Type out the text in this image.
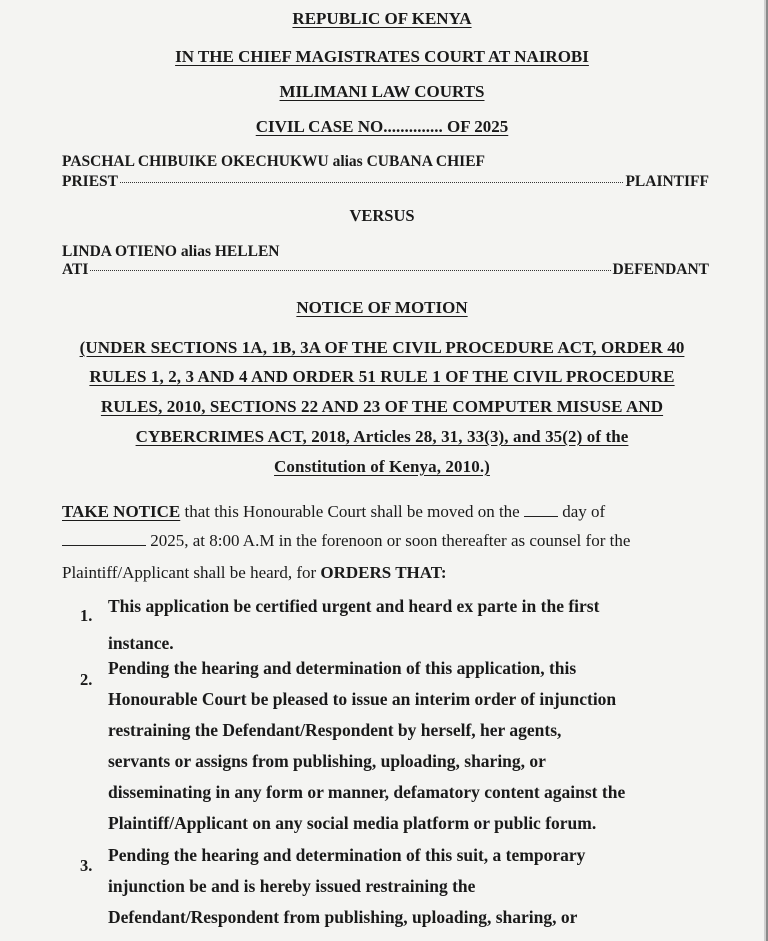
REPUBLIC OF KENYA
IN THE CHIEF MAGISTRATES COURT AT NAIROBI
MILIMANI LAW COURTS
CIVIL CASE NO.............. OF 2025
PASCHAL CHIBUIKE OKECHUKWU alias CUBANA CHIEF
PRIEST	PLAINTIFF
VERSUS
LINDA OTIENO alias HELLEN
ATI	DEFENDANT
NOTICE OF MOTION
(UNDER SECTIONS 1A, 1B, 3A OF THE CIVIL PROCEDURE ACT, ORDER 40
RULES 1, 2, 3 AND 4 AND ORDER 51 RULE 1 OF THE CIVIL PROCEDURE
RULES, 2010, SECTIONS 22 AND 23 OF THE COMPUTER MISUSE AND
CYBERCRIMES ACT, 2018, Articles 28, 31, 33(3), and 35(2) of the
Constitution of Kenya, 2010.)
TAKE NOTICE that this Honourable Court shall be moved on the  day of
2025, at 8:00 A.M in the forenoon or soon thereafter as counsel for the
Plaintiff/Applicant shall be heard, for ORDERS THAT:
1. This application be certified urgent and heard ex parte in the first
instance.
2.
Pending the hearing and determination of this application, this
Honourable Court be pleased to issue an interim order of injunction
restraining the Defendant/Respondent by herself, her agents,
servants or assigns from publishing, uploading, sharing, or
disseminating in any form or manner, defamatory content against the
Plaintiff/Applicant on any social media platform or public forum.
3.
Pending the hearing and determination of this suit, a temporary
injunction be and is hereby issued restraining the
Defendant/Respondent from publishing, uploading, sharing, or
